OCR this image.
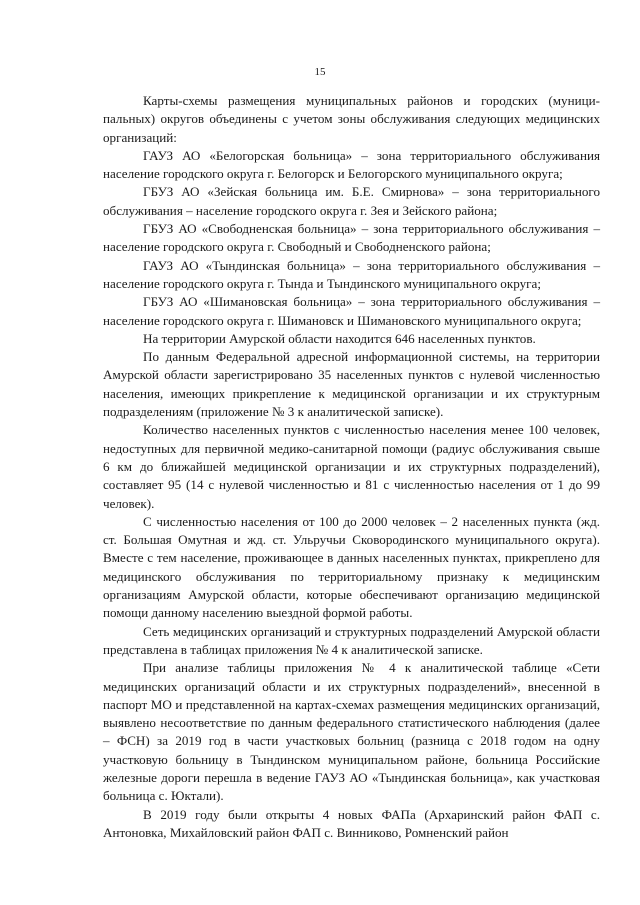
15

Карты-схемы размещения муниципальных районов и городских (муниципальных) округов объединены с учетом зоны обслуживания следующих медицинских организаций:

ГАУЗ АО «Белогорская больница» – зона территориального обслуживания население городского округа г. Белогорск и Белогорского муниципального округа;

ГБУЗ АО «Зейская больница им. Б.Е. Смирнова» – зона территориального обслуживания – население городского округа г. Зея и Зейского района;

ГБУЗ АО «Свободненская больница» – зона территориального обслуживания – население городского округа г. Свободный и Свободненского района;

ГАУЗ АО «Тындинская больница» – зона территориального обслуживания – население городского округа г. Тында и Тындинского муниципального округа;

ГБУЗ АО «Шимановская больница» – зона территориального обслуживания – население городского округа г. Шимановск и Шимановского муниципального округа;

На территории Амурской области находится 646 населенных пунктов.

По данным Федеральной адресной информационной системы, на территории Амурской области зарегистрировано 35 населенных пунктов с нулевой численностью населения, имеющих прикрепление к медицинской организации и их структурным подразделениям (приложение № 3 к аналитической записке).

Количество населенных пунктов с численностью населения менее 100 человек, недоступных для первичной медико-санитарной помощи (радиус обслуживания свыше 6 км до ближайшей медицинской организации и их структурных подразделений), составляет 95 (14 с нулевой численностью и 81 с численностью населения от 1 до 99 человек).

С численностью населения от 100 до 2000 человек – 2 населенных пункта (жд. ст. Большая Омутная и жд. ст. Ульручьи Сковородинского муниципального округа). Вместе с тем население, проживающее в данных населенных пунктах, прикреплено для медицинского обслуживания по территориальному признаку к медицинским организациям Амурской области, которые обеспечивают организацию медицинской помощи данному населению выездной формой работы.

Сеть медицинских организаций и структурных подразделений Амурской области представлена в таблицах приложения № 4 к аналитической записке.

При анализе таблицы приложения № 4 к аналитической таблице «Сети медицинских организаций области и их структурных подразделений», внесенной в паспорт МО и представленной на картах-схемах размещения медицинских организаций, выявлено несоответствие по данным федерального статистического наблюдения (далее – ФСН) за 2019 год в части участковых больниц (разница с 2018 годом на одну участковую больницу в Тындинском муниципальном районе, больница Российские железные дороги перешла в ведение ГАУЗ АО «Тындинская больница», как участковая больница с. Юктали).

В 2019 году были открыты 4 новых ФАПа (Архаринский район ФАП с. Антоновка, Михайловский район ФАП с. Винниково, Ромненский район
